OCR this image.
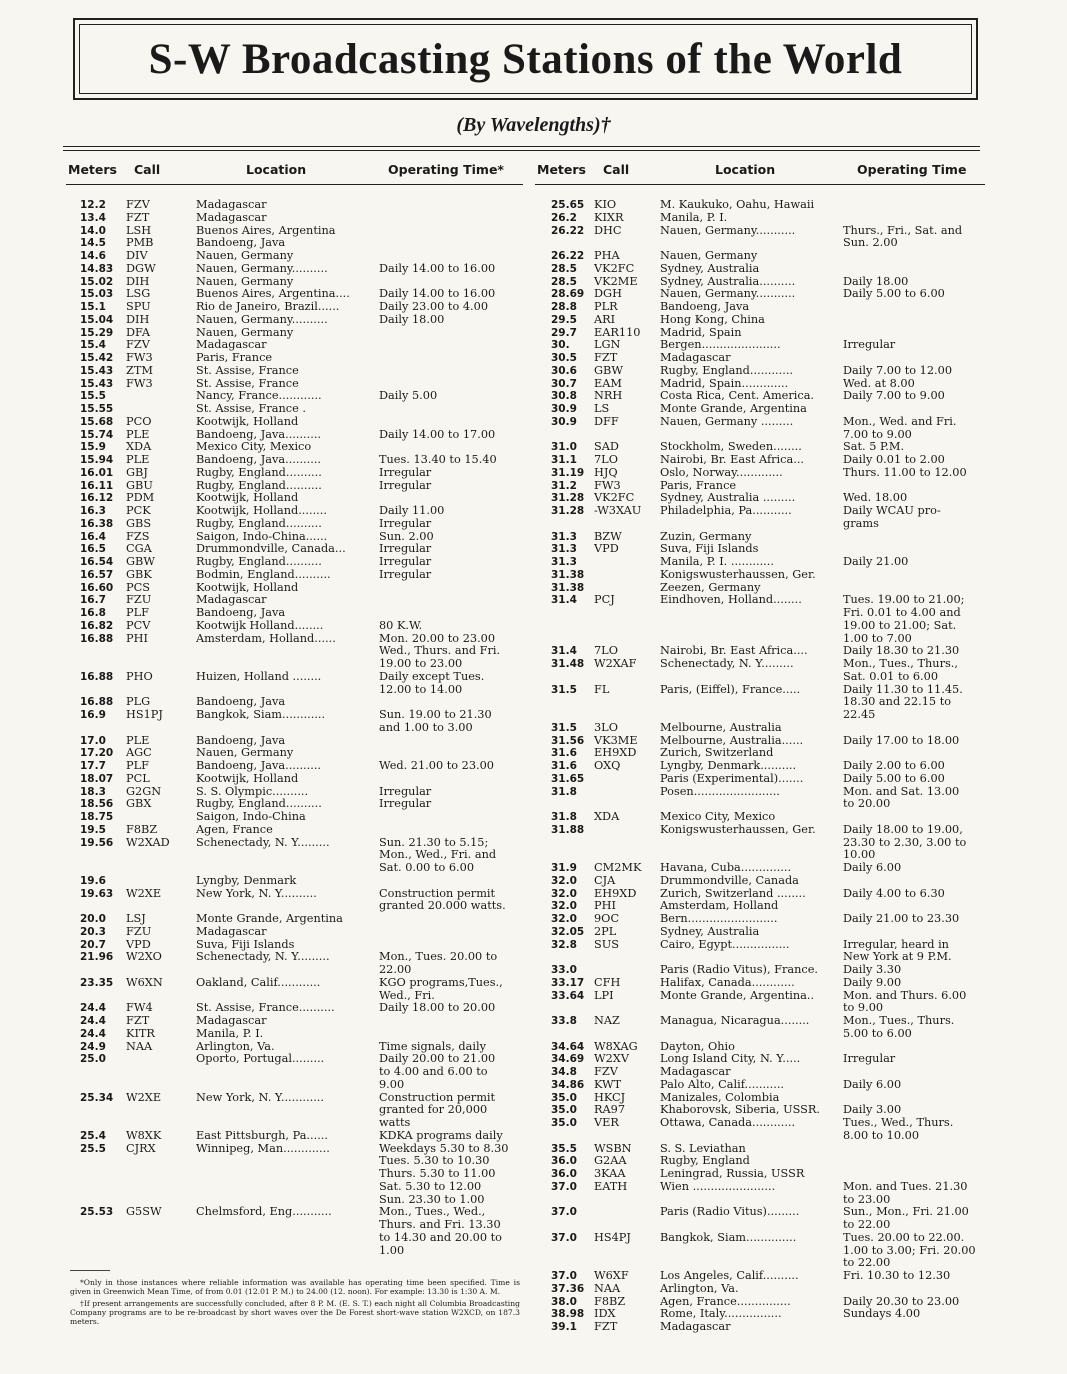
S-W Broadcasting Stations of the World
(By Wavelengths)†
Meters Call	Location	Operating Time*
12.2	FZV	Madagascar
13.4	FZT	Madagascar
14.0	LSH	Buenos Aires, Argentina
14.5	PMB	Bandoeng, Java
14.6	DIV	Nauen, Germany
14.83	DGW	Nauen, Germany..........	Daily 14.00 to 16.00
15.02	DIH	Nauen, Germany
15.03	LSG	Buenos Aires, Argentina....	Daily 14.00 to 16.00
15.1	SPU	Rio de Janeiro, Brazil......	Daily 23.00 to 4.00
15.04	DIH	Nauen, Germany..........	Daily 18.00
15.29	DFA	Nauen, Germany
15.4	FZV	Madagascar
15.42	FW3	Paris, France
15.43	ZTM	St. Assise, France
15.43	FW3	St. Assise, France
15.5	Nancy, France............	Daily 5.00
15.55	St. Assise, France .
15.68	PCO	Kootwijk, Holland
15.74	PLE	Bandoeng, Java..........	Daily 14.00 to 17.00
15.9	XDA	Mexico City, Mexico
15.94	PLE	Bandoeng, Java..........	Tues. 13.40 to 15.40
16.01	GBJ	Rugby, England..........	Irregular
16.11	GBU	Rugby, England..........	Irregular
16.12	PDM	Kootwijk, Holland
16.3	PCK	Kootwijk, Holland........	Daily 11.00
16.38	GBS	Rugby, England..........	Irregular
16.4	FZS	Saigon, Indo-China......	Sun. 2.00
16.5	CGA	Drummondville, Canada...	Irregular
16.54	GBW	Rugby, England..........	Irregular
16.57	GBK	Bodmin, England..........	Irregular
16.60	PCS	Kootwijk, Holland
16.7	FZU	Madagascar
16.8	PLF	Bandoeng, Java
16.82	PCV	Kootwijk Holland........	80 K.W.
16.88	PHI	Amsterdam, Holland......	Mon. 20.00 to 23.00
Wed., Thurs. and Fri.
19.00 to 23.00
16.88	PHO	Huizen, Holland ........	Daily except Tues.
12.00 to 14.00
16.88	PLG	Bandoeng, Java
16.9	HS1PJ	Bangkok, Siam............	Sun. 19.00 to 21.30
and 1.00 to 3.00
17.0	PLE	Bandoeng, Java
17.20	AGC	Nauen, Germany
17.7	PLF	Bandoeng, Java..........	Wed. 21.00 to 23.00
18.07	PCL	Kootwijk, Holland
18.3	G2GN	S. S. Olympic..........	Irregular
18.56	GBX	Rugby, England..........	Irregular
18.75	Saigon, Indo-China
19.5	F8BZ	Agen, France
19.56	W2XAD	Schenectady, N. Y.........	Sun. 21.30 to 5.15;
Mon., Wed., Fri. and
Sat. 0.00 to 6.00
19.6	Lyngby, Denmark
19.63	W2XE	New York, N. Y..........	Construction permit
granted 20.000 watts.
20.0	LSJ	Monte Grande, Argentina
20.3	FZU	Madagascar
20.7	VPD	Suva, Fiji Islands
21.96	W2XO	Schenectady, N. Y.........	Mon., Tues. 20.00 to
22.00
23.35	W6XN	Oakland, Calif............	KGO programs,Tues.,
Wed., Fri.
24.4	FW4	St. Assise, France..........	Daily 18.00 to 20.00
24.4	FZT	Madagascar
24.4	KITR	Manila, P. I.
24.9	NAA	Arlington, Va.	Time signals, daily
25.0	Oporto, Portugal.........	Daily 20.00 to 21.00
to 4.00 and 6.00 to
9.00
25.34	W2XE	New York, N. Y............	Construction permit
granted for 20,000
watts
25.4	W8XK	East Pittsburgh, Pa......	KDKA programs daily
25.5	CJRX	Winnipeg, Man.............	Weekdays 5.30 to 8.30
Tues. 5.30 to 10.30
Thurs. 5.30 to 11.00
Sat. 5.30 to 12.00
Sun. 23.30 to 1.00
25.53	G5SW	Chelmsford, Eng...........	Mon., Tues., Wed.,
Thurs. and Fri. 13.30
to 14.30 and 20.00 to
1.00
Meters Call	Location	Operating Time
25.65 KIO	M. Kaukuko, Oahu, Hawaii
26.2	KIXR	Manila, P. I.
26.22 DHC	Nauen, Germany...........	Thurs., Fri., Sat. and
Sun. 2.00
26.22 PHA	Nauen, Germany
28.5	VK2FC	Sydney, Australia
28.5	VK2ME	Sydney, Australia..........	Daily 18.00
28.69 DGH	Nauen, Germany...........	Daily 5.00 to 6.00
28.8	PLR	Bandoeng, Java
29.5	ARI	Hong Kong, China
29.7	EAR110	Madrid, Spain
30.	LGN	Bergen......................	Irregular
30.5	FZT	Madagascar
30.6	GBW	Rugby, England............	Daily 7.00 to 12.00
30.7	EAM	Madrid, Spain.............	Wed. at 8.00
30.8	NRH	Costa Rica, Cent. America.	Daily 7.00 to 9.00
30.9	LS	Monte Grande, Argentina
30.9	DFF	Nauen, Germany .........	Mon., Wed. and Fri.
7.00 to 9.00
31.0	SAD	Stockholm, Sweden........	Sat. 5 P.M.
31.1	7LO	Nairobi, Br. East Africa...	Daily 0.01 to 2.00
31.19 HJQ	Oslo, Norway.............	Thurs. 11.00 to 12.00
31.2	FW3	Paris, France
31.28 VK2FC	Sydney, Australia .........	Wed. 18.00
31.28 -W3XAU	Philadelphia, Pa...........	Daily WCAU pro-
grams
31.3	BZW	Zuzin, Germany
31.3	VPD	Suva, Fiji Islands
31.3	Manila, P. I. ............	Daily 21.00
31.38	Konigswusterhaussen, Ger.
31.38	Zeezen, Germany
31.4	PCJ	Eindhoven, Holland........	Tues. 19.00 to 21.00;
Fri. 0.01 to 4.00 and
19.00 to 21.00; Sat.
1.00 to 7.00
31.4	7LO	Nairobi, Br. East Africa....	Daily 18.30 to 21.30
31.48 W2XAF	Schenectady, N. Y.........	Mon., Tues., Thurs.,
Sat. 0.01 to 6.00
31.5	FL	Paris, (Eiffel), France.....	Daily 11.30 to 11.45.
18.30 and 22.15 to
22.45
31.5	3LO	Melbourne, Australia
31.56 VK3ME	Melbourne, Australia......	Daily 17.00 to 18.00
31.6	EH9XD	Zurich, Switzerland
31.6	OXQ	Lyngby, Denmark..........	Daily 2.00 to 6.00
31.65	Paris (Experimental).......	Daily 5.00 to 6.00
31.8	Posen........................	Mon. and Sat. 13.00
to 20.00
31.8	XDA	Mexico City, Mexico
31.88	Konigswusterhaussen, Ger.	Daily 18.00 to 19.00,
23.30 to 2.30, 3.00 to
10.00
31.9	CM2MK	Havana, Cuba..............	Daily 6.00
32.0	CJA	Drummondville, Canada
32.0	EH9XD	Zurich, Switzerland ........	Daily 4.00 to 6.30
32.0	PHI	Amsterdam, Holland
32.0	9OC	Bern.........................	Daily 21.00 to 23.30
32.05 2PL	Sydney, Australia
32.8	SUS	Cairo, Egypt................	Irregular, heard in
New York at 9 P.M.
33.0	Paris (Radio Vitus), France.	Daily 3.30
33.17 CFH	Halifax, Canada............	Daily 9.00
33.64 LPI	Monte Grande, Argentina..	Mon. and Thurs. 6.00
to 9.00
33.8	NAZ	Managua, Nicaragua........	Mon., Tues., Thurs.
5.00 to 6.00
34.64 W8XAG	Dayton, Ohio
34.69 W2XV	Long Island City, N. Y.....	Irregular
34.8	FZV	Madagascar
34.86 KWT	Palo Alto, Calif...........	Daily 6.00
35.0	HKCJ	Manizales, Colombia
35.0	RA97	Khaborovsk, Siberia, USSR.	Daily 3.00
35.0	VER	Ottawa, Canada............	Tues., Wed., Thurs.
8.00 to 10.00
35.5	WSBN	S. S. Leviathan
36.0	G2AA	Rugby, England
36.0	3KAA	Leningrad, Russia, USSR
37.0	EATH	Wien .......................	Mon. and Tues. 21.30
to 23.00
37.0	Paris (Radio Vitus).........	Sun., Mon., Fri. 21.00
to 22.00
37.0	HS4PJ	Bangkok, Siam..............	Tues. 20.00 to 22.00.
1.00 to 3.00; Fri. 20.00
to 22.00
37.0	W6XF	Los Angeles, Calif..........	Fri. 10.30 to 12.30
37.36 NAA	Arlington, Va.
38.0	F8BZ	Agen, France...............	Daily 20.30 to 23.00
38.98 IDX	Rome, Italy................	Sundays 4.00
39.1	FZT	Madagascar

*Only in those instances where reliable information was available has operating time been specified. Time is given in Greenwich Mean Time, of from 0.01 (12.01 P. M.) to 24.00 (12. noon). For example: 13.30 is 1:30 A. M.

†If present arrangements are successfully concluded, after 8 P. M. (E. S. T.) each night all Columbia Broadcasting Company programs are to be re-broadcast by short waves over the De Forest short-wave station W2XCD, on 187.3 meters.
